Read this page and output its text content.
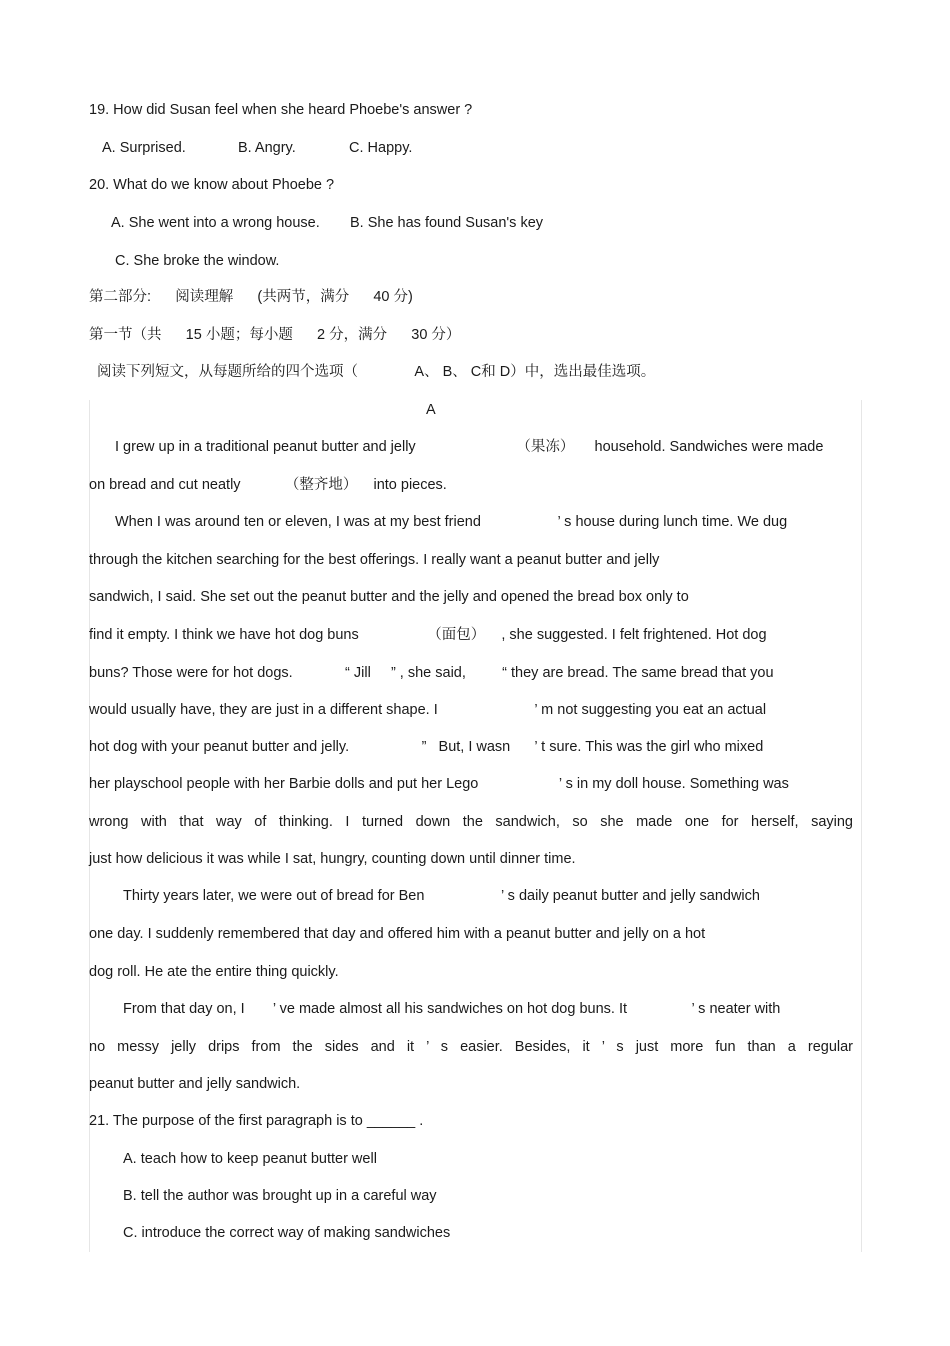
19. How did Susan feel when she heard Phoebe's answer ?
A. Surprised.	B. Angry.	C. Happy.
20. What do we know about Phoebe ?
A. She went into a wrong house. B. She has found Susan's key
C. She broke the window.
第二部分:      阅读理解      (共两节，满分      40 分)
第一节（共      15 小题；每小题      2 分，满分      30 分）
阅读下列短文，从每题所给的四个选项（              A、 B、 C和 D）中，选出最佳选项。
A
I grew up in a traditional peanut butter and jelly                         （果冻）     household. Sandwiches were made
on bread and cut neatly           （整齐地）    into pieces.
When I was around ten or eleven, I was at my best friend                   ’ s house during lunch time. We dug
through the kitchen searching for the best offerings. I really want a peanut butter and jelly
sandwich, I said. She set out the peanut butter and the jelly and opened the bread box only to
find it empty. I think we have hot dog buns                 （面包）    , she suggested. I felt frightened. Hot dog
buns? Those were for hot dogs.             “ Jill     ” , she said,         “ they are bread. The same bread that you
would usually have, they are just in a different shape. I                        ’ m not suggesting you eat an actual
hot dog with your peanut butter and jelly.                  ”   But, I wasn      ’ t sure. This was the girl who mixed
her playschool people with her Barbie dolls and put her Lego                    ’ s in my doll house. Something was
wrong with that way of thinking. I turned down the sandwich, so she made one for herself, saying
just how delicious it was while I sat, hungry, counting down until dinner time.
Thirty years later, we were out of bread for Ben                   ’ s daily peanut butter and jelly sandwich
one day. I suddenly remembered that day and offered him with a peanut butter and jelly on a hot
dog roll. He ate the entire thing quickly.
From that day on, I       ’ ve made almost all his sandwiches on hot dog buns. It                ’ s neater with
no messy jelly drips from the sides and it ’ s easier. Besides, it ’ s just more fun than a regular
peanut butter and jelly sandwich.
21. The purpose of the first paragraph is to ______ .
A. teach how to keep peanut butter well
B. tell the author was brought up in a careful way
C. introduce the correct way of making sandwiches
